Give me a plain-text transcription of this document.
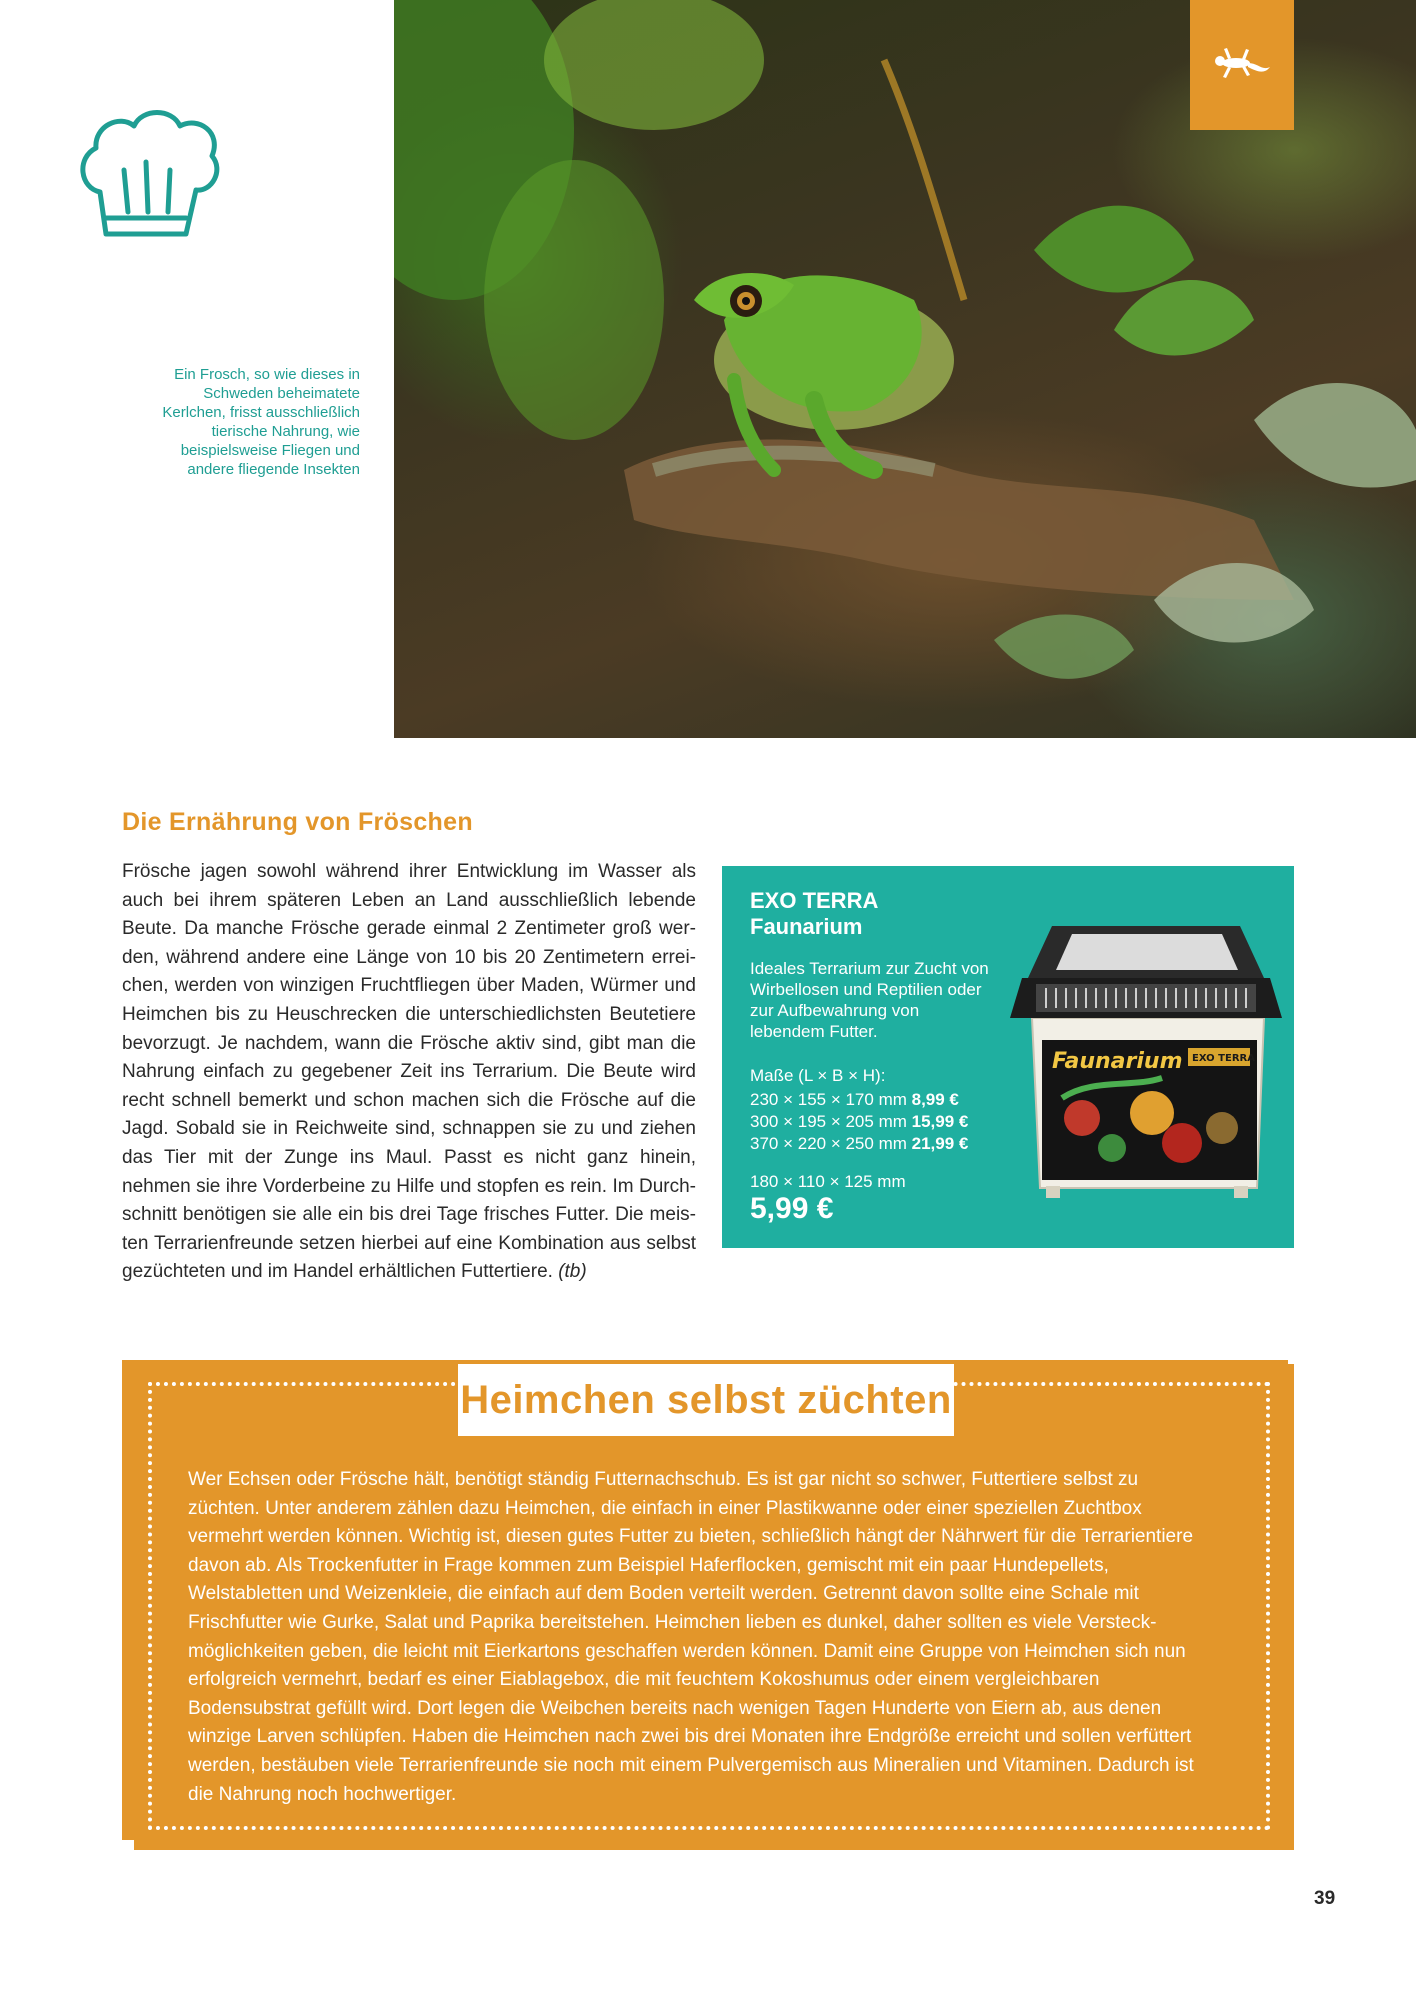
Ein Frosch, so wie dieses in Schweden beheimatete Kerlchen, frisst ausschließlich tierische Nahrung, wie beispielsweise Fliegen und andere fliegende Insekten
Die Ernährung von Fröschen

Frösche jagen sowohl während ihrer Entwicklung im Wasser als auch bei ihrem späteren Leben an Land ausschließlich lebende Beute. Da manche Frösche gerade einmal 2 Zentimeter groß werden, während andere eine Länge von 10 bis 20 Zentimetern erreichen, werden von winzigen Fruchtfliegen über Maden, Würmer und Heimchen bis zu Heuschrecken die unterschiedlichsten Beutetiere bevorzugt. Je nachdem, wann die Frösche aktiv sind, gibt man die Nahrung einfach zu gegebener Zeit ins Terrarium. Die Beute wird recht schnell bemerkt und schon machen sich die Frösche auf die Jagd. Sobald sie in Reichweite sind, schnappen sie zu und ziehen das Tier mit der Zunge ins Maul. Passt es nicht ganz hinein, nehmen sie ihre Vorderbeine zu Hilfe und stopfen es rein. Im Durchschnitt benötigen sie alle ein bis drei Tage frisches Futter. Die meisten Terrarienfreunde setzen hierbei auf eine Kombination aus selbst gezüchteten und im Handel erhältlichen Futtertiere. (tb)

EXO TERRA
Faunarium
Ideales Terrarium zur Zucht von Wirbellosen und Reptilien oder zur Aufbewahrung von lebendem Futter.
Maße (L × B × H):
230 × 155 × 170 mm 8,99 €
300 × 195 × 205 mm 15,99 €
370 × 220 × 250 mm 21,99 €
180 × 110 × 125 mm
5,99 €
Faunarium EXO TERRA
Heimchen selbst züchten

Wer Echsen oder Frösche hält, benötigt ständig Futternachschub. Es ist gar nicht so schwer, Futtertiere selbst zu züchten. Unter anderem zählen dazu Heimchen, die einfach in einer Plastikwanne oder einer speziellen Zuchtbox vermehrt werden können. Wichtig ist, diesen gutes Futter zu bieten, schließlich hängt der Nährwert für die Terrarientiere davon ab. Als Trockenfutter in Frage kommen zum Beispiel Haferflocken, gemischt mit ein paar Hundepellets, Welstabletten und Weizenkleie, die einfach auf dem Boden verteilt werden. Getrennt davon sollte eine Schale mit Frischfutter wie Gurke, Salat und Paprika bereitstehen. Heimchen lieben es dunkel, daher sollten es viele Versteckmöglichkeiten geben, die leicht mit Eierkartons geschaffen werden können. Damit eine Gruppe von Heimchen sich nun erfolgreich vermehrt, bedarf es einer Eiablagebox, die mit feuchtem Kokoshumus oder einem vergleichbaren Bodensubstrat gefüllt wird. Dort legen die Weibchen bereits nach wenigen Tagen Hunderte von Eiern ab, aus denen winzige Larven schlüpfen. Haben die Heimchen nach zwei bis drei Monaten ihre Endgröße erreicht und sollen verfüttert werden, bestäuben viele Terrarienfreunde sie noch mit einem Pulvergemisch aus Mineralien und Vitaminen. Dadurch ist die Nahrung noch hochwertiger.

39
